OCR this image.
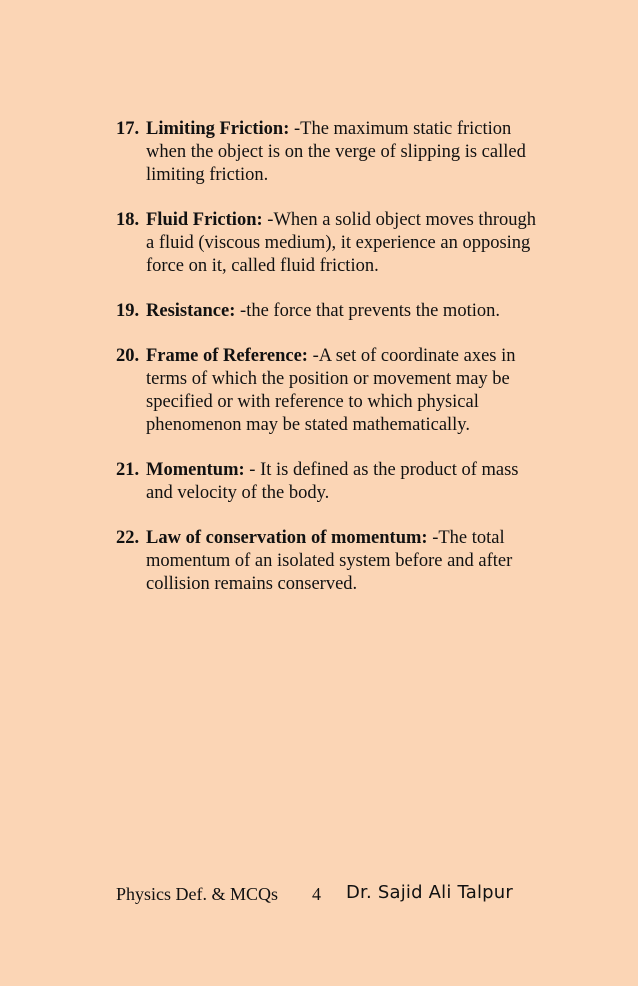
17. Limiting Friction: -The maximum static friction when the object is on the verge of slipping is called limiting friction.
18. Fluid Friction: -When a solid object moves through a fluid (viscous medium), it experience an opposing force on it, called fluid friction.
19. Resistance: -the force that prevents the motion.
20. Frame of Reference: -A set of coordinate axes in terms of which the position or movement may be specified or with reference to which physical phenomenon may be stated mathematically.
21. Momentum: - It is defined as the product of mass and velocity of the body.
22. Law of conservation of momentum: -The total momentum of an isolated system before and after collision remains conserved.
Physics Def. & MCQs 4 Dr. Sajid Ali Talpur
